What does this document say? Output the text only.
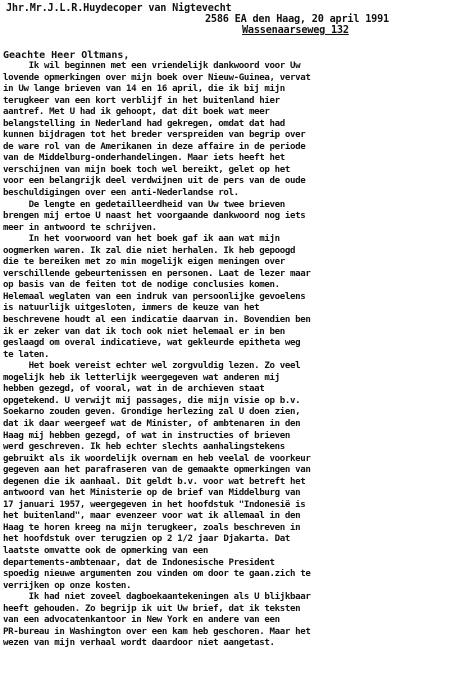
Jhr.Mr.J.L.R.Huydecoper van Nigtevecht
2586 EA den Haag, 20 april 1991
Wassenaarseweg 132
Geachte Heer Oltmans,
Ik wil beginnen met een vriendelijk dankwoord voor Uw
lovende opmerkingen over mijn boek over Nieuw-Guinea, vervat
in Uw lange brieven van 14 en 16 april, die ik bij mijn
terugkeer van een kort verblijf in het buitenland hier
aantref. Met U had ik gehoopt, dat dit boek wat meer
belangstelling in Nederland had gekregen, omdat dat had
kunnen bijdragen tot het breder verspreiden van begrip over
de ware rol van de Amerikanen in deze affaire in de periode
van de Middelburg-onderhandelingen. Maar iets heeft het
verschijnen van mijn boek toch wel bereikt, gelet op het
voor een belangrijk deel verdwijnen uit de pers van de oude
beschuldigingen over een anti-Nederlandse rol.
De lengte en gedetailleerdheid van Uw twee brieven
brengen mij ertoe U naast het voorgaande dankwoord nog iets
meer in antwoord te schrijven.
In het voorwoord van het boek gaf ik aan wat mijn
oogmerken waren. Ik zal die niet herhalen. Ik heb gepoogd
die te bereiken met zo min mogelijk eigen meningen over
verschillende gebeurtenissen en personen. Laat de lezer maar
op basis van de feiten tot de nodige conclusies komen.
Helemaal weglaten van een indruk van persoonlijke gevoelens
is natuurlijk uitgesloten, immers de keuze van het
beschrevene houdt al een indicatie daarvan in. Bovendien ben
ik er zeker van dat ik toch ook niet helemaal er in ben
geslaagd om overal indicatieve, wat gekleurde epitheta weg
te laten.
Het boek vereist echter wel zorgvuldig lezen. Zo veel
mogelijk heb ik letterlijk weergegeven wat anderen mij
hebben gezegd, of vooral, wat in de archieven staat
opgetekend. U verwijt mij passages, die mijn visie op b.v.
Soekarno zouden geven. Grondige herlezing zal U doen zien,
dat ik daar weergeef wat de Minister, of ambtenaren in den
Haag mij hebben gezegd, of wat in instructies of brieven
werd geschreven. Ik heb echter slechts aanhalingstekens
gebruikt als ik woordelijk overnam en heb veelal de voorkeur
gegeven aan het parafraseren van de gemaakte opmerkingen van
degenen die ik aanhaal. Dit geldt b.v. voor wat betreft het
antwoord van het Ministerie op de brief van Middelburg van
17 januari 1957, weergegeven in het hoofdstuk "Indonesië is
het buitenland", maar evenzeer voor wat ik allemaal in den
Haag te horen kreeg na mijn terugkeer, zoals beschreven in
het hoofdstuk over terugzien op 2 1/2 jaar Djakarta. Dat
laatste omvatte ook de opmerking van een
departements-ambtenaar, dat de Indonesische President
spoedig nieuwe argumenten zou vinden om door te gaan.zich te
verrijken op onze kosten.
Ik had niet zoveel dagboekaantekeningen als U blijkbaar
heeft gehouden. Zo begrijp ik uit Uw brief, dat ik teksten
van een advocatenkantoor in New York en andere van een
PR-bureau in Washington over een kam heb geschoren. Maar het
wezen van mijn verhaal wordt daardoor niet aangetast.
